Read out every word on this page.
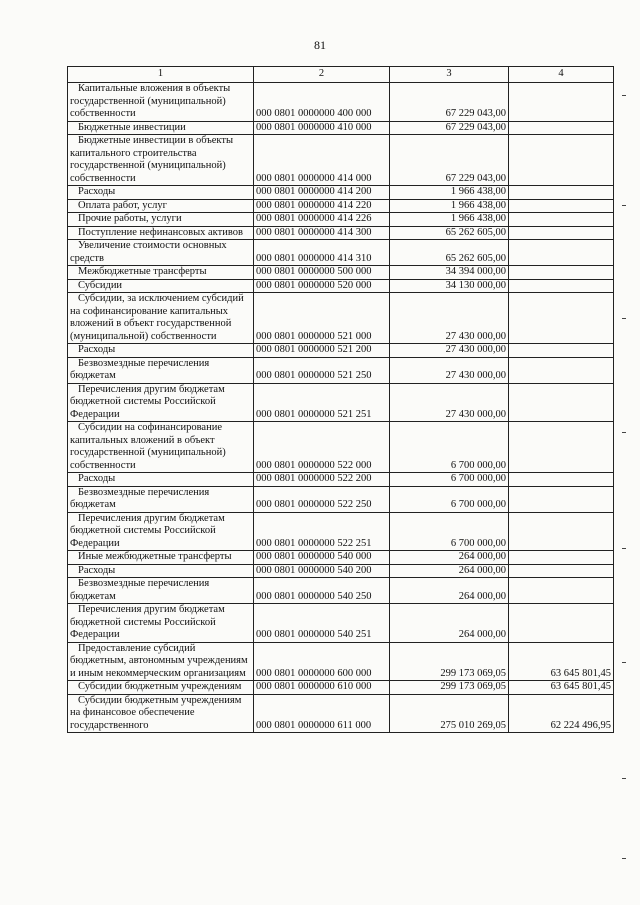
81
1	2	3	4
Капитальные вложения в объекты государственной (муниципальной) собственности	000 0801 0000000 400 000	67 229 043,00	
Бюджетные инвестиции	000 0801 0000000 410 000	67 229 043,00	
Бюджетные инвестиции в объекты капитального строительства государственной (муниципальной) собственности	000 0801 0000000 414 000	67 229 043,00	
Расходы	000 0801 0000000 414 200	1 966 438,00	
Оплата работ, услуг	000 0801 0000000 414 220	1 966 438,00	
Прочие работы, услуги	000 0801 0000000 414 226	1 966 438,00	
Поступление нефинансовых активов	000 0801 0000000 414 300	65 262 605,00	
Увеличение стоимости основных средств	000 0801 0000000 414 310	65 262 605,00	
Межбюджетные трансферты	000 0801 0000000 500 000	34 394 000,00	
Субсидии	000 0801 0000000 520 000	34 130 000,00	
Субсидии, за исключением субсидий на софинансирование капитальных вложений в объект государственной (муниципальной) собственности	000 0801 0000000 521 000	27 430 000,00	
Расходы	000 0801 0000000 521 200	27 430 000,00	
Безвозмездные перечисления бюджетам	000 0801 0000000 521 250	27 430 000,00	
Перечисления другим бюджетам бюджетной системы Российской Федерации	000 0801 0000000 521 251	27 430 000,00	
Субсидии на софинансирование капитальных вложений в объект государственной (муниципальной) собственности	000 0801 0000000 522 000	6 700 000,00	
Расходы	000 0801 0000000 522 200	6 700 000,00	
Безвозмездные перечисления бюджетам	000 0801 0000000 522 250	6 700 000,00	
Перечисления другим бюджетам бюджетной системы Российской Федерации	000 0801 0000000 522 251	6 700 000,00	
Иные межбюджетные трансферты	000 0801 0000000 540 000	264 000,00	
Расходы	000 0801 0000000 540 200	264 000,00	
Безвозмездные перечисления бюджетам	000 0801 0000000 540 250	264 000,00	
Перечисления другим бюджетам бюджетной системы Российской Федерации	000 0801 0000000 540 251	264 000,00	
Предоставление субсидий бюджетным, автономным учреждениям и иным некоммерческим организациям	000 0801 0000000 600 000	299 173 069,05	63 645 801,45
Субсидии бюджетным учреждениям	000 0801 0000000 610 000	299 173 069,05	63 645 801,45
Субсидии бюджетным учреждениям на финансовое обеспечение государственного	000 0801 0000000 611 000	275 010 269,05	62 224 496,95
